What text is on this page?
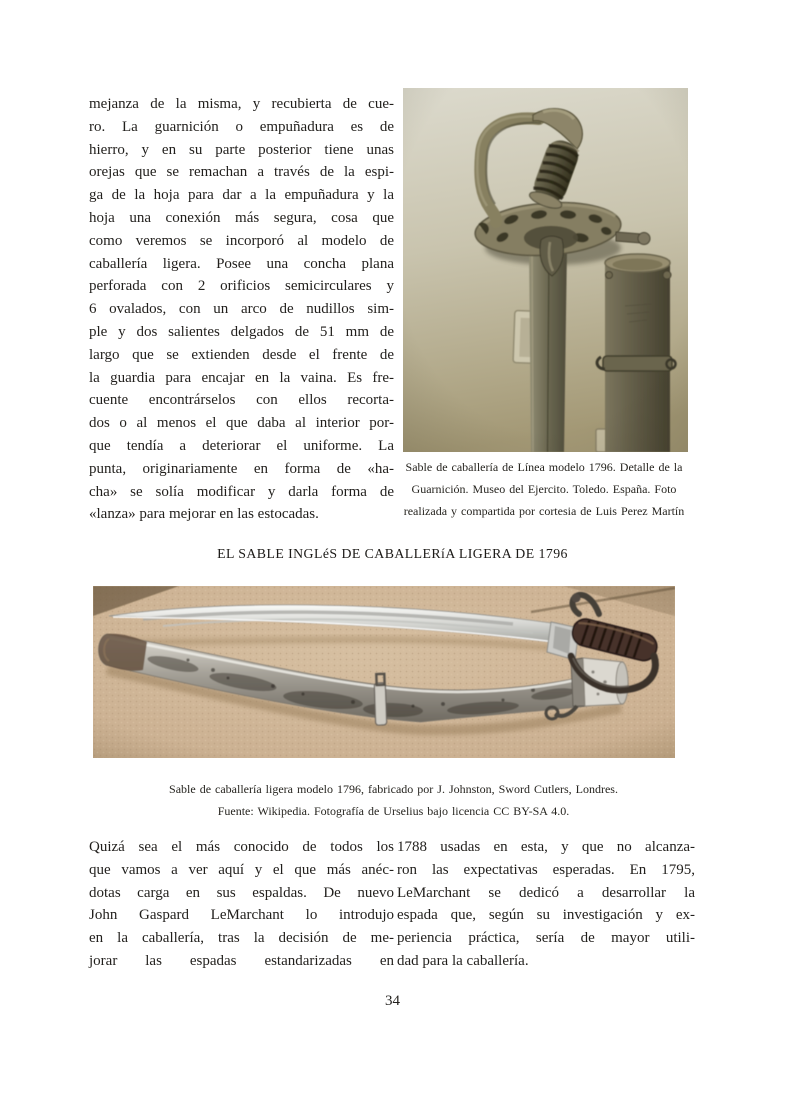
mejanza de la misma, y recubierta de cue-
ro. La guarnición o empuñadura es de
hierro, y en su parte posterior tiene unas
orejas que se remachan a través de la espi-
ga de la hoja para dar a la empuñadura y la
hoja una conexión más segura, cosa que
como veremos se incorporó al modelo de
caballería ligera. Posee una concha plana
perforada con 2 orificios semicirculares y
6 ovalados, con un arco de nudillos sim-
ple y dos salientes delgados de 51 mm de
largo que se extienden desde el frente de
la guardia para encajar en la vaina. Es fre-
cuente encontrárselos con ellos recorta-
dos o al menos el que daba al interior por-
que tendía a deteriorar el uniforme. La
punta, originariamente en forma de «ha-
cha» se solía modificar y darla forma de
«lanza» para mejorar en las estocadas.
Sable de caballería de Línea modelo 1796. Detalle de la
Guarnición. Museo del Ejercito. Toledo. España. Foto
realizada y compartida por cortesia de Luis Perez Martín
EL SABLE INGLéS DE CABALLERíA LIGERA DE 1796
Sable de caballería ligera modelo 1796, fabricado por J. Johnston, Sword Cutlers, Londres.
Fuente: Wikipedia. Fotografía de Urselius bajo licencia CC BY-SA 4.0.
Quizá sea el más conocido de todos los
que vamos a ver aquí y el que más anéc-
dotas carga en sus espaldas. De nuevo
John Gaspard LeMarchant lo introdujo
en la caballería, tras la decisión de me-
jorar las espadas estandarizadas en
1788 usadas en esta, y que no alcanza-
ron las expectativas esperadas. En 1795,
LeMarchant se dedicó a desarrollar la
espada que, según su investigación y ex-
periencia práctica, sería de mayor utili-
dad para la caballería.
34
